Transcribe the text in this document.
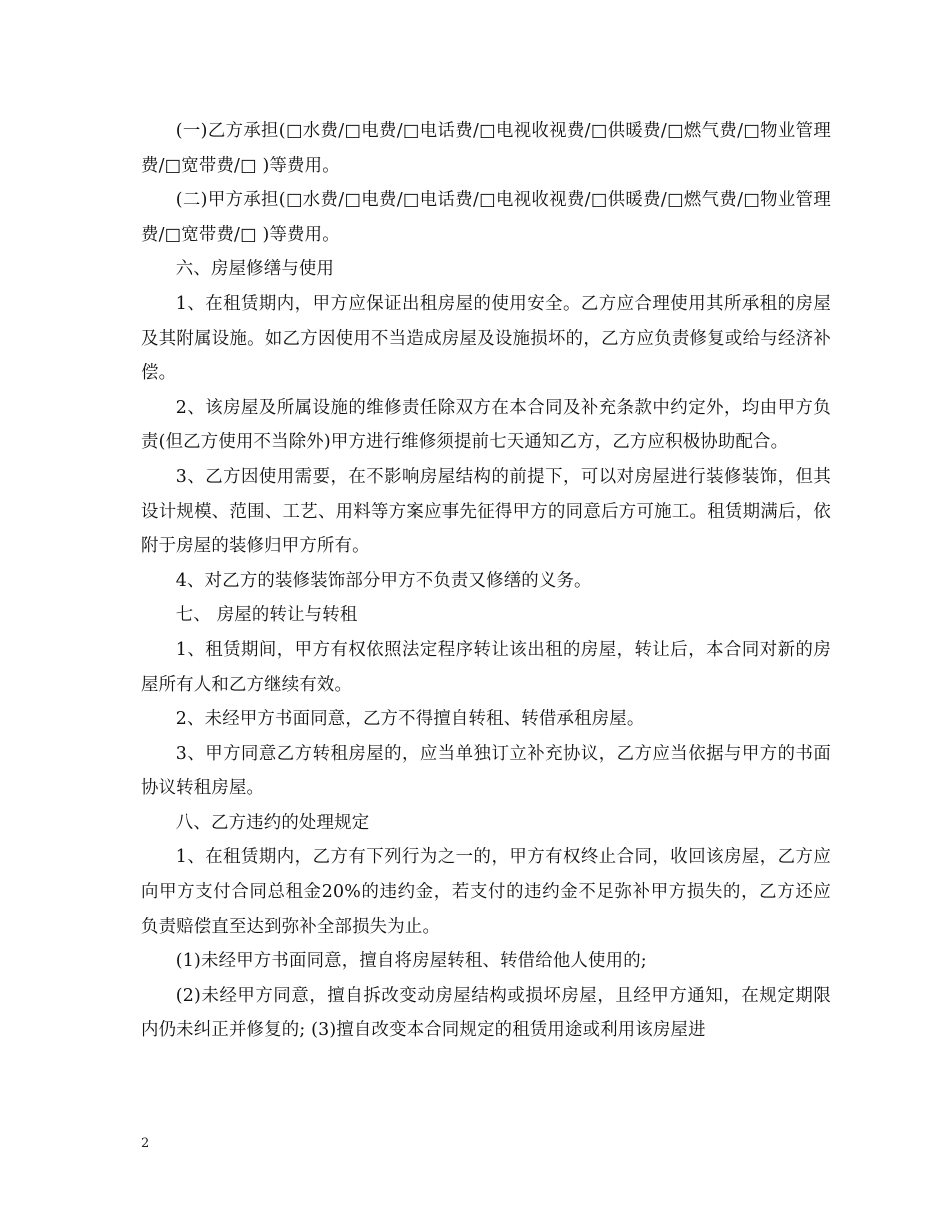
(一)乙方承担(□水费/□电费/□电话费/□电视收视费/□供暖费/□燃气费/□物业管理费/□宽带费/□ )等费用。

(二)甲方承担(□水费/□电费/□电话费/□电视收视费/□供暖费/□燃气费/□物业管理费/□宽带费/□ )等费用。

六、房屋修缮与使用

1、在租赁期内，甲方应保证出租房屋的使用安全。乙方应合理使用其所承租的房屋及其附属设施。如乙方因使用不当造成房屋及设施损坏的，乙方应负责修复或给与经济补偿。

2、该房屋及所属设施的维修责任除双方在本合同及补充条款中约定外，均由甲方负责(但乙方使用不当除外)甲方进行维修须提前七天通知乙方，乙方应积极协助配合。

3、乙方因使用需要，在不影响房屋结构的前提下，可以对房屋进行装修装饰，但其设计规模、范围、工艺、用料等方案应事先征得甲方的同意后方可施工。租赁期满后，依附于房屋的装修归甲方所有。

4、对乙方的装修装饰部分甲方不负责又修缮的义务。

七、 房屋的转让与转租

1、租赁期间，甲方有权依照法定程序转让该出租的房屋，转让后，本合同对新的房屋所有人和乙方继续有效。

2、未经甲方书面同意，乙方不得擅自转租、转借承租房屋。

3、甲方同意乙方转租房屋的，应当单独订立补充协议，乙方应当依据与甲方的书面协议转租房屋。

八、乙方违约的处理规定

1、在租赁期内，乙方有下列行为之一的，甲方有权终止合同，收回该房屋，乙方应向甲方支付合同总租金20%的违约金，若支付的违约金不足弥补甲方损失的，乙方还应负责赔偿直至达到弥补全部损失为止。

(1)未经甲方书面同意，擅自将房屋转租、转借给他人使用的;

(2)未经甲方同意，擅自拆改变动房屋结构或损坏房屋，且经甲方通知，在规定期限内仍未纠正并修复的; (3)擅自改变本合同规定的租赁用途或利用该房屋进

2
